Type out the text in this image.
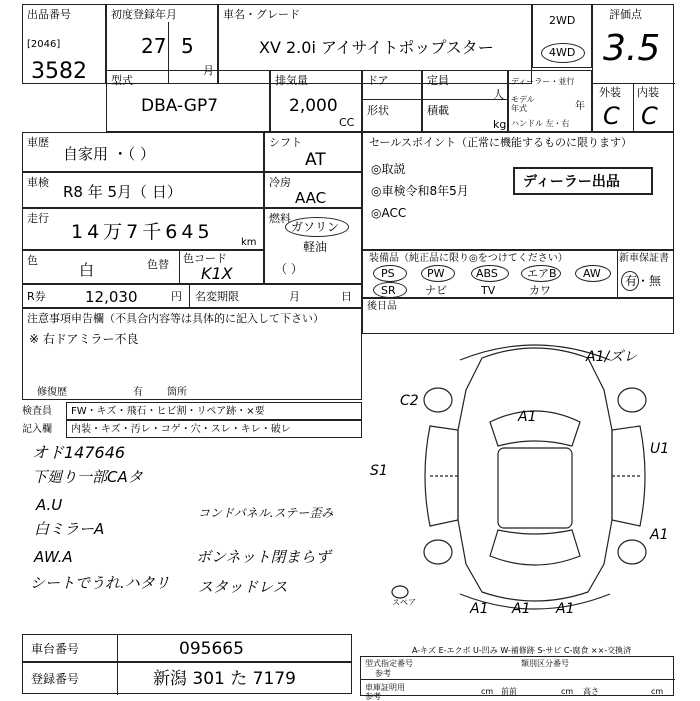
出品番号
[2046]
3582
初度登録年月
27 5
月
車名・グレード
XV 2.0i アイサイトポップスター
2WD
4WD
評価点
3.5
外装 内装
C C
型式
DBA-GP7
排気量
2,000
CC
ドア
形状
定員
人
積載
kg
ディーラー・並行
モデル 年式	年
ハンドル 左・右
車歴
自家用 ・（ ）
シフト
AT
車検
R8 年 5月（ 日）
冷房
AAC
走行
14万7千645	km
燃料
ガソリン
軽油
（ ）
色
白	色替 色コード
K1X
R券	12,030	円 名変期限	月	日
セールスポイント（正常に機能するものに限ります）
◎取説
◎車検令和8年5月
◎ACC
ディーラー出品
装備品（純正品に限り◎をつけてください）	新車保証書
有・無
PS	PW	ABS	エアB AW
SR	ナビ	TV	カワ
後日品
注意事項申告欄（不具合内容等は具体的に記入して下さい）
※ 右ドアミラー不良
修復歴	有 箇所
検査員
記入欄
FW・キズ・飛石・ヒビ割・リペア跡・×要
内装・キズ・汚レ・コゲ・穴・スレ・キレ・破レ
オド147646
下廻り一部CAタ
A.U
白ミラーA
AW.A
シートでうれ.ハタリ
コンドパネル.ステー歪み
ボンネット閉まらず
スタッドレス
A1/ズレ
A1
U1
A1
A1 A1 A1
S1
C2
スペア
A-キズ E-エクボ U-凹み W-補修跡 S-サビ C-腐食 ××-交換済
車台番号	095665
登録番号	新潟 301 た 7179
型式指定番号	類別区分番号
参考
車庫証明用 参考
cm 前前	cm 高さ	cm
